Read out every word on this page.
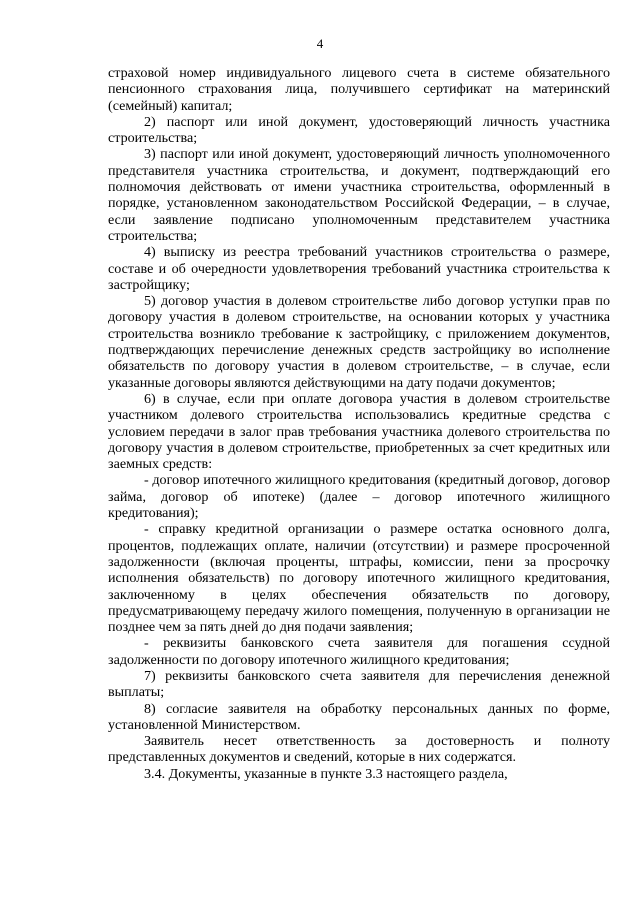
4

страховой номер индивидуального лицевого счета в системе обязательного пенсионного страхования лица, получившего сертификат на материнский (семейный) капитал;

2) паспорт или иной документ, удостоверяющий личность участника строительства;

3) паспорт или иной документ, удостоверяющий личность уполномоченного представителя участника строительства, и документ, подтверждающий его полномочия действовать от имени участника строительства, оформленный в порядке, установленном законодательством Российской Федерации, – в случае, если заявление подписано уполномоченным представителем участника строительства;

4) выписку из реестра требований участников строительства о размере, составе и об очередности удовлетворения требований участника строительства к застройщику;

5) договор участия в долевом строительстве либо договор уступки прав по договору участия в долевом строительстве, на основании которых у участника строительства возникло требование к застройщику, с приложением документов, подтверждающих перечисление денежных средств застройщику во исполнение обязательств по договору участия в долевом строительстве, – в случае, если указанные договоры являются действующими на дату подачи документов;

6) в случае, если при оплате договора участия в долевом строительстве участником долевого строительства использовались кредитные средства с условием передачи в залог прав требования участника долевого строительства по договору участия в долевом строительстве, приобретенных за счет кредитных или заемных средств:

- договор ипотечного жилищного кредитования (кредитный договор, договор займа, договор об ипотеке) (далее – договор ипотечного жилищного кредитования);

- справку кредитной организации о размере остатка основного долга, процентов, подлежащих оплате, наличии (отсутствии) и размере просроченной задолженности (включая проценты, штрафы, комиссии, пени за просрочку исполнения обязательств) по договору ипотечного жилищного кредитования, заключенному в целях обеспечения обязательств по договору, предусматривающему передачу жилого помещения, полученную в организации не позднее чем за пять дней до дня подачи заявления;

- реквизиты банковского счета заявителя для погашения ссудной задолженности по договору ипотечного жилищного кредитования;

7) реквизиты банковского счета заявителя для перечисления денежной выплаты;

8) согласие заявителя на обработку персональных данных по форме, установленной Министерством.

Заявитель несет ответственность за достоверность и полноту представленных документов и сведений, которые в них содержатся.

3.4. Документы, указанные в пункте 3.3 настоящего раздела,
